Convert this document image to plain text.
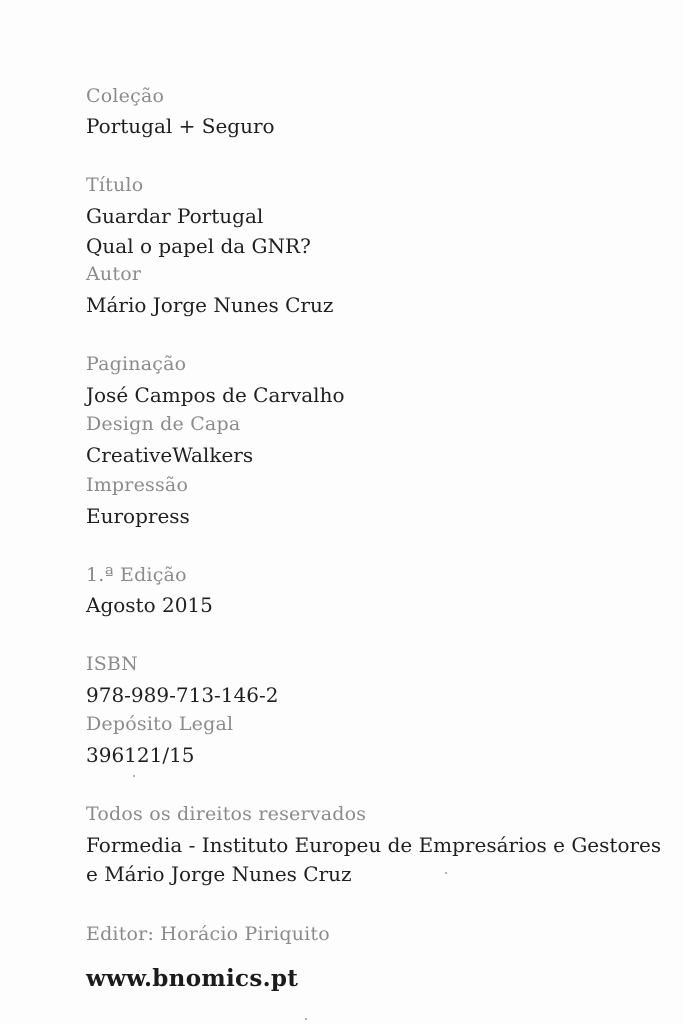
Coleção
Portugal + Seguro
Título
Guardar Portugal
Qual o papel da GNR?
Autor
Mário Jorge Nunes Cruz
Paginação
José Campos de Carvalho
Design de Capa
CreativeWalkers
Impressão
Europress
1.ª Edição
Agosto 2015
ISBN
978-989-713-146-2
Depósito Legal
396121/15
Todos os direitos reservados
Formedia - Instituto Europeu de Empresários e Gestores
e Mário Jorge Nunes Cruz
Editor: Horácio Piriquito
www.bnomics.pt
